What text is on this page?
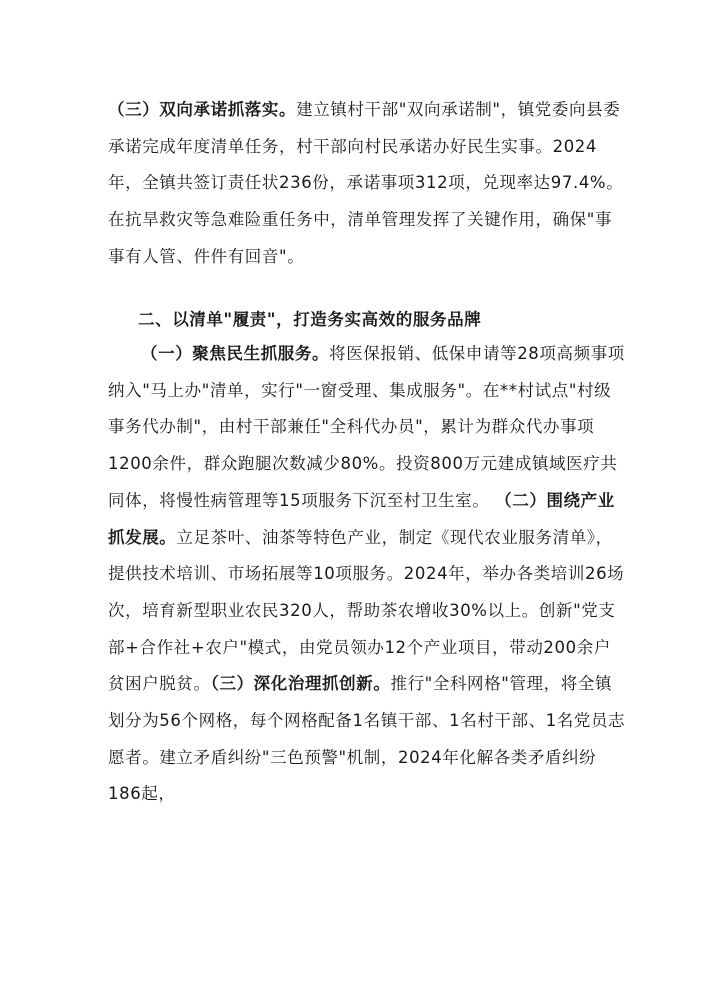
（三）双向承诺抓落实。建立镇村干部"双向承诺制"，镇党委向县委承诺完成年度清单任务，村干部向村民承诺办好民生实事。2024年，全镇共签订责任状236份，承诺事项312项，兑现率达97.4%。在抗旱救灾等急难险重任务中，清单管理发挥了关键作用，确保"事事有人管、件件有回音"。

二、以清单"履责"，打造务实高效的服务品牌

（一）聚焦民生抓服务。将医保报销、低保申请等28项高频事项纳入"马上办"清单，实行"一窗受理、集成服务"。在**村试点"村级事务代办制"，由村干部兼任"全科代办员"，累计为群众代办事项1200余件，群众跑腿次数减少80%。投资800万元建成镇域医疗共同体，将慢性病管理等15项服务下沉至村卫生室。 （二）围绕产业抓发展。立足茶叶、油茶等特色产业，制定《现代农业服务清单》，提供技术培训、市场拓展等10项服务。2024年，举办各类培训26场次，培育新型职业农民320人，帮助茶农增收30%以上。创新"党支部+合作社+农户"模式，由党员领办12个产业项目，带动200余户贫困户脱贫。（三）深化治理抓创新。推行"全科网格"管理，将全镇划分为56个网格，每个网格配备1名镇干部、1名村干部、1名党员志愿者。建立矛盾纠纷"三色预警"机制，2024年化解各类矛盾纠纷186起，
